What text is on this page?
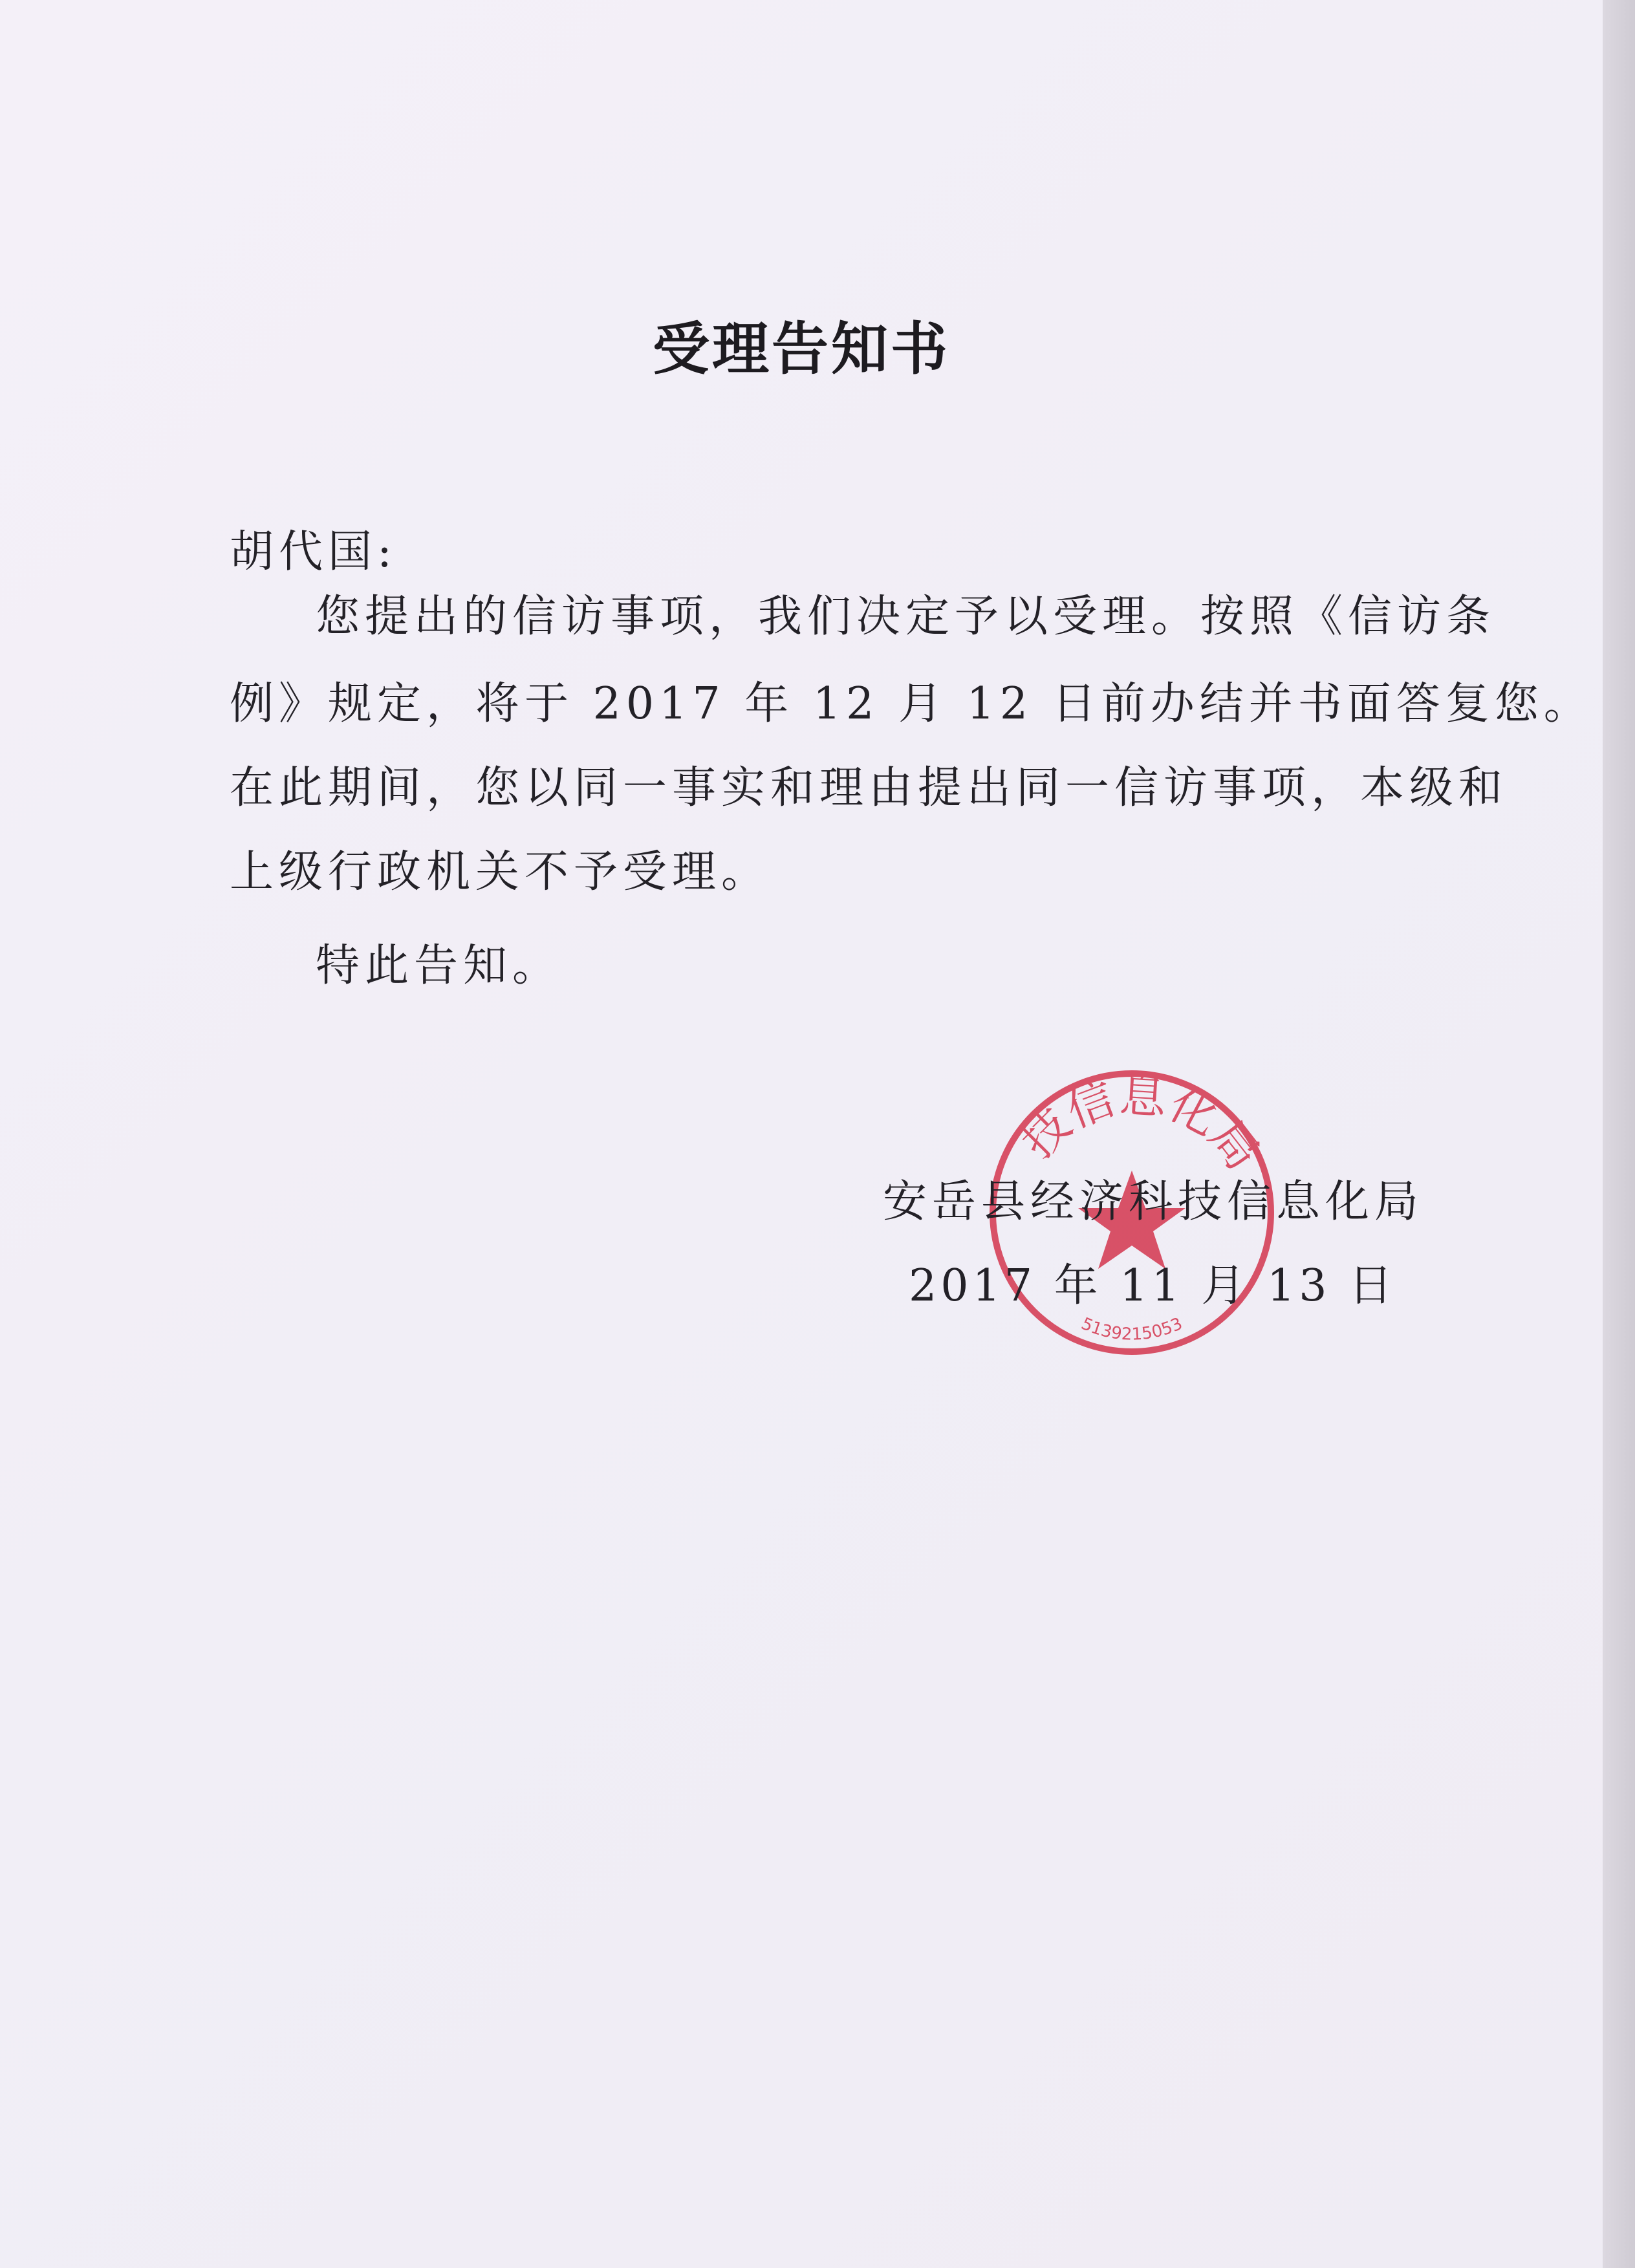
受理告知书
胡代国:
您提出的信访事项，我们决定予以受理。按照《信访条
例》规定，将于 2017 年 12 月 12 日前办结并书面答复您。
在此期间，您以同一事实和理由提出同一信访事项，本级和
上级行政机关不予受理。
特此告知。
技信息化局
5139215053
安岳县经济科技信息化局
2017 年 11 月 13 日
